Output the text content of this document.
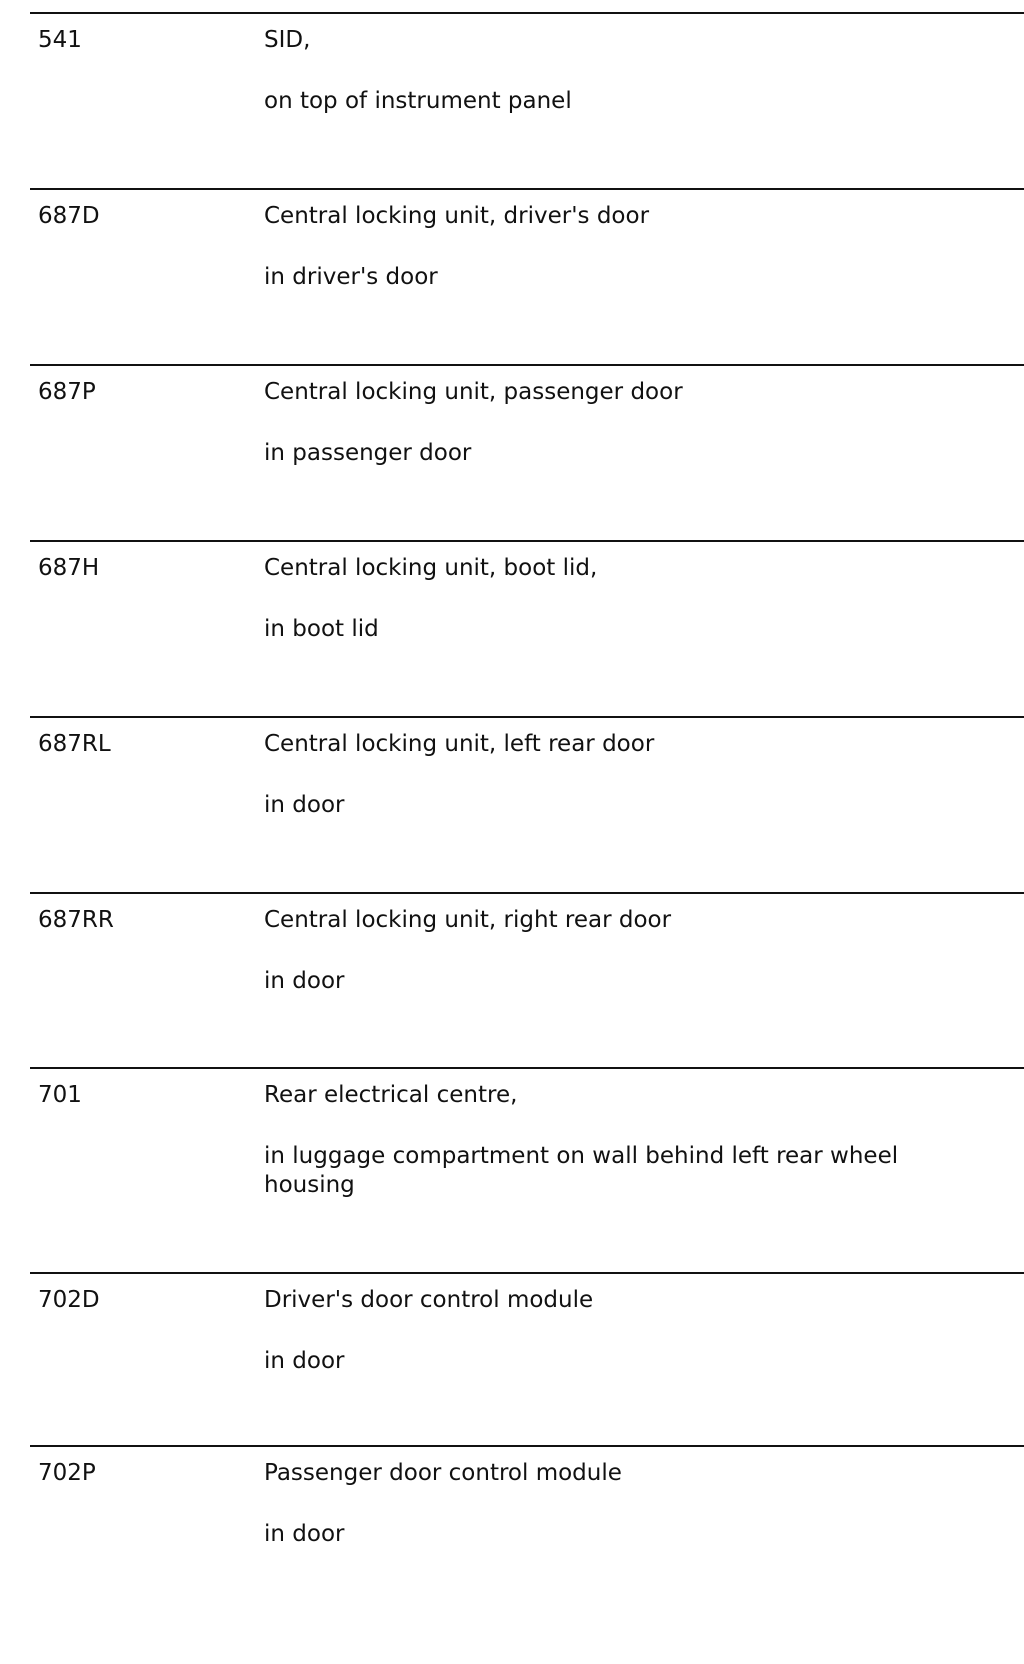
541	SID,
on top of instrument panel
687D	Central locking unit, driver's door
in driver's door
687P	Central locking unit, passenger door
in passenger door
687H	Central locking unit, boot lid,
in boot lid
687RL	Central locking unit, left rear door
in door
687RR	Central locking unit, right rear door
in door
701	Rear electrical centre,
in luggage compartment on wall behind left rear wheel housing
702D	Driver's door control module
in door
702P	Passenger door control module
in door
